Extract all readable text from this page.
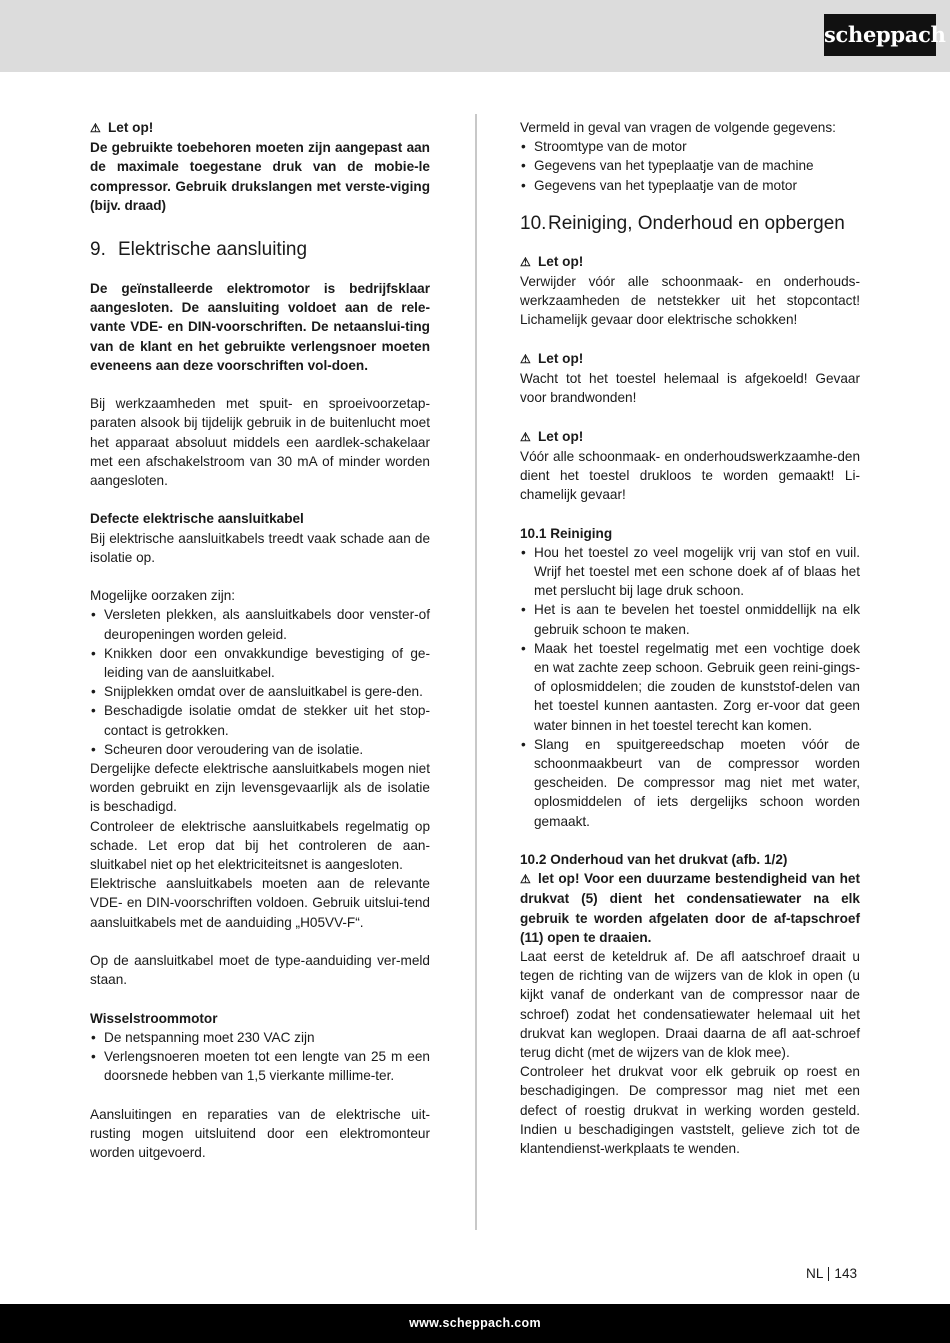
scheppach
⚠ Let op!
De gebruikte toebehoren moeten zijn aangepast aan de maximale toegestane druk van de mobie-le compressor. Gebruik drukslangen met verste-viging (bijv. draad)
9. Elektrische aansluiting
De geïnstalleerde elektromotor is bedrijfsklaar aangesloten. De aansluiting voldoet aan de rele-vante VDE- en DIN-voorschriften. De netaanslui-ting van de klant en het gebruikte verlengsnoer moeten eveneens aan deze voorschriften vol-doen.
Bij werkzaamheden met spuit- en sproeivoorzetap-paraten alsook bij tijdelijk gebruik in de buitenlucht moet het apparaat absoluut middels een aardlek-schakelaar met een afschakelstroom van 30 mA of minder worden aangesloten.
Defecte elektrische aansluitkabel
Bij elektrische aansluitkabels treedt vaak schade aan de isolatie op.
Mogelijke oorzaken zijn:
• Versleten plekken, als aansluitkabels door venster-of deuropeningen worden geleid.
• Knikken door een onvakkundige bevestiging of ge-leiding van de aansluitkabel.
• Snijplekken omdat over de aansluitkabel is gere-den.
• Beschadigde isolatie omdat de stekker uit het stop-contact is getrokken.
• Scheuren door veroudering van de isolatie.
Dergelijke defecte elektrische aansluitkabels mogen niet worden gebruikt en zijn levensgevaarlijk als de isolatie is beschadigd.
Controleer de elektrische aansluitkabels regelmatig op schade. Let erop dat bij het controleren de aan-sluitkabel niet op het elektriciteitsnet is aangesloten.
Elektrische aansluitkabels moeten aan de relevante VDE- en DIN-voorschriften voldoen. Gebruik uitslui-tend aansluitkabels met de aanduiding „H05VV-F“.
Op de aansluitkabel moet de type-aanduiding ver-meld staan.
Wisselstroommotor
• De netspanning moet 230 VAC zijn
• Verlengsnoeren moeten tot een lengte van 25 m een doorsnede hebben van 1,5 vierkante millime-ter.
Aansluitingen en reparaties van de elektrische uit-rusting mogen uitsluitend door een elektromonteur worden uitgevoerd.
Vermeld in geval van vragen de volgende gegevens:
• Stroomtype van de motor
• Gegevens van het typeplaatje van de machine
• Gegevens van het typeplaatje van de motor
10. Reiniging, Onderhoud en opbergen
⚠ Let op!
Verwijder vóór alle schoonmaak- en onderhouds-werkzaamheden de netstekker uit het stopcontact! Lichamelijk gevaar door elektrische schokken!
⚠ Let op!
Wacht tot het toestel helemaal is afgekoeld! Gevaar voor brandwonden!
⚠ Let op!
Vóór alle schoonmaak- en onderhoudswerkzaamhe-den dient het toestel drukloos te worden gemaakt! Li-chamelijk gevaar!
10.1 Reiniging
• Hou het toestel zo veel mogelijk vrij van stof en vuil. Wrijf het toestel met een schone doek af of blaas het met perslucht bij lage druk schoon.
• Het is aan te bevelen het toestel onmiddellijk na elk gebruik schoon te maken.
• Maak het toestel regelmatig met een vochtige doek en wat zachte zeep schoon. Gebruik geen reini-gings- of oplosmiddelen; die zouden de kunststof-delen van het toestel kunnen aantasten. Zorg er-voor dat geen water binnen in het toestel terecht kan komen.
• Slang en spuitgereedschap moeten vóór de schoonmaakbeurt van de compressor worden gescheiden. De compressor mag niet met water, oplosmiddelen of iets dergelijks schoon worden gemaakt.
10.2 Onderhoud van het drukvat (afb. 1/2)
⚠ let op! Voor een duurzame bestendigheid van het drukvat (5) dient het condensatiewater na elk gebruik te worden afgelaten door de af-tapschroef (11) open te draaien.
Laat eerst de keteldruk af. De afl aatschroef draait u tegen de richting van de wijzers van de klok in open (u kijkt vanaf de onderkant van de compressor naar de schroef) zodat het condensatiewater helemaal uit het drukvat kan weglopen. Draai daarna de afl aat-schroef terug dicht (met de wijzers van de klok mee).
Controleer het drukvat voor elk gebruik op roest en beschadigingen. De compressor mag niet met een defect of roestig drukvat in werking worden gesteld. Indien u beschadigingen vaststelt, gelieve zich tot de klantendienst-werkplaats te wenden.
NL 143
www.scheppach.com
